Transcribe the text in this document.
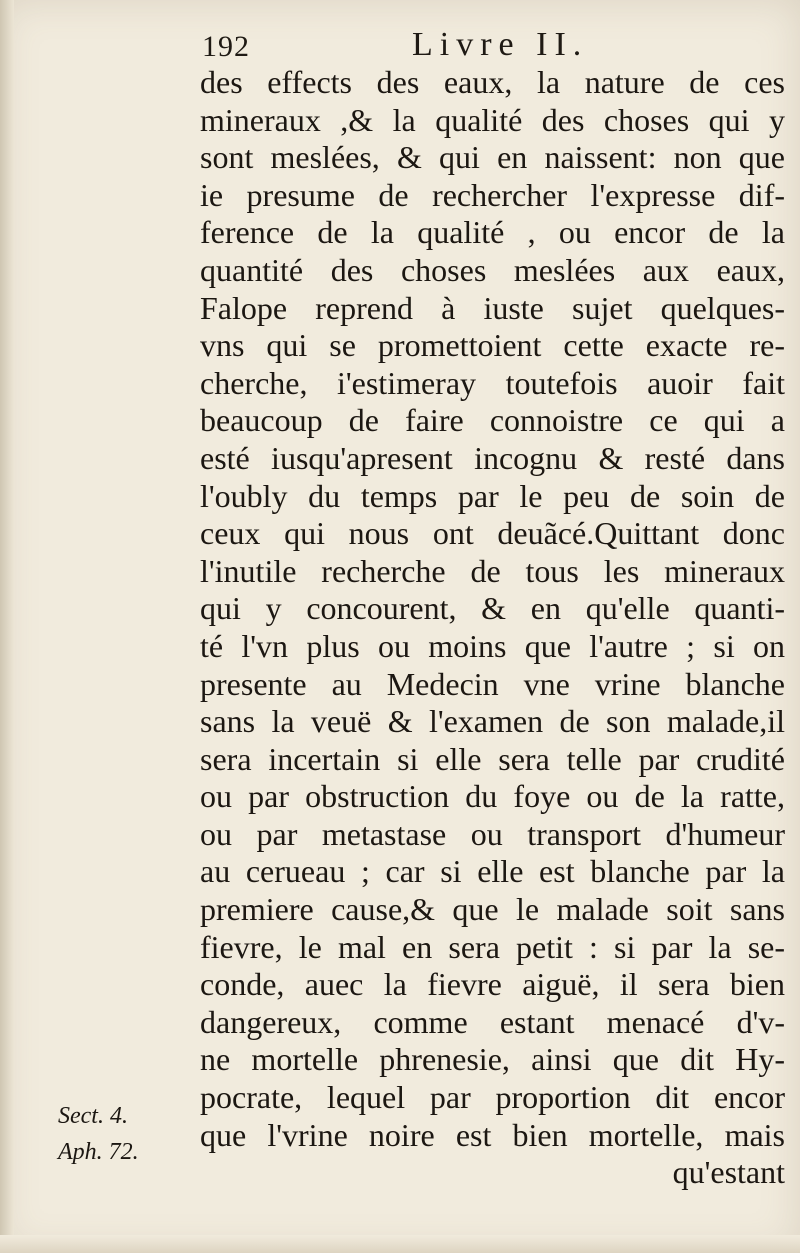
192	Livre II.
des effects des eaux, la nature de ces
mineraux ,& la qualité des choses qui y
sont meslées, & qui en naissent: non que
ie presume de rechercher l'expresse dif-
ference de la qualité , ou encor de la
quantité des choses meslées aux eaux,
Falope reprend à iuste sujet quelques-
vns qui se promettoient cette exacte re-
cherche, i'estimeray toutefois auoir fait
beaucoup de faire connoistre ce qui a
esté iusqu'apresent incognu & resté dans
l'oubly du temps par le peu de soin de
ceux qui nous ont deuãcé.Quittant donc
l'inutile recherche de tous les mineraux
qui y concourent, & en qu'elle quanti-
té l'vn plus ou moins que l'autre ; si on
presente au Medecin vne vrine blanche
sans la veuë & l'examen de son malade,il
sera incertain si elle sera telle par crudité
ou par obstruction du foye ou de la ratte,
ou par metastase ou transport d'humeur
au cerueau ; car si elle est blanche par la
premiere cause,& que le malade soit sans
fievre, le mal en sera petit : si par la se-
conde, auec la fievre aiguë, il sera bien
dangereux, comme estant menacé d'v-
ne mortelle phrenesie, ainsi que dit Hy-
pocrate, lequel par proportion dit encor
que l'vrine noire est bien mortelle, mais
qu'estant
Sect. 4.
Aph. 72.
